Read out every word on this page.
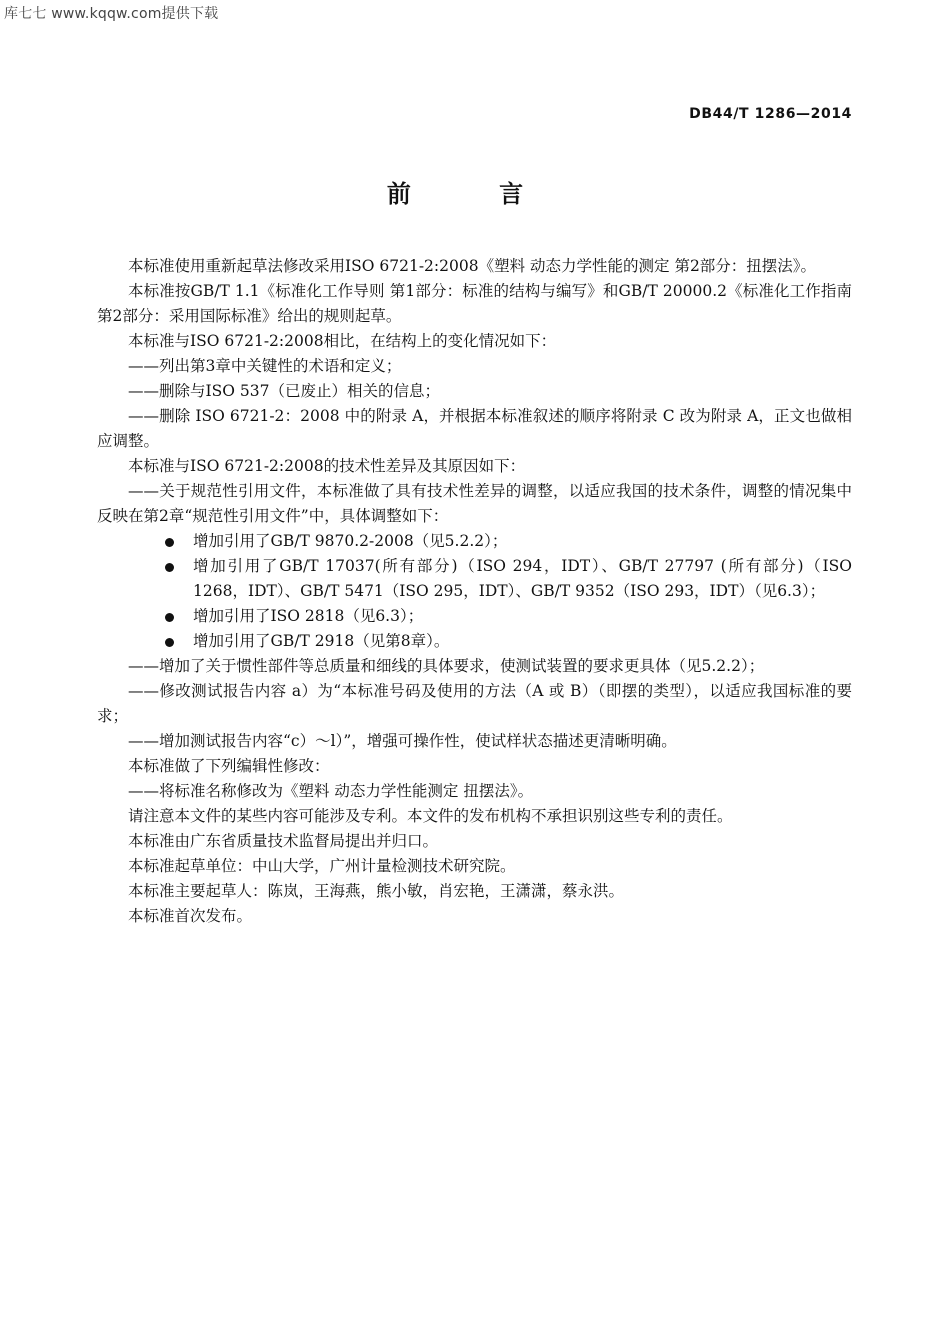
库七七 www.kqqw.com提供下载
DB44/T 1286—2014
前 言

本标准使用重新起草法修改采用ISO 6721-2:2008《塑料 动态力学性能的测定 第2部分：扭摆法》。

本标准按GB/T 1.1《标准化工作导则 第1部分：标准的结构与编写》和GB/T 20000.2《标准化工作指南 第2部分：采用国际标准》给出的规则起草。

本标准与ISO 6721-2:2008相比，在结构上的变化情况如下：

——列出第3章中关键性的术语和定义；

——删除与ISO 537（已废止）相关的信息；

——删除 ISO 6721-2：2008 中的附录 A，并根据本标准叙述的顺序将附录 C 改为附录 A，正文也做相应调整。

本标准与ISO 6721-2:2008的技术性差异及其原因如下：

——关于规范性引用文件，本标准做了具有技术性差异的调整，以适应我国的技术条件，调整的情况集中反映在第2章“规范性引用文件”中，具体调整如下：

增加引用了GB/T 9870.2-2008（见5.2.2）；
增加引用了GB/T 17037(所有部分)（ISO 294，IDT）、GB/T 27797 (所有部分)（ISO 1268，IDT）、GB/T 5471（ISO 295，IDT）、GB/T 9352（ISO 293，IDT）（见6.3）；
增加引用了ISO 2818（见6.3）；
增加引用了GB/T 2918（见第8章）。

——增加了关于惯性部件等总质量和细线的具体要求，使测试装置的要求更具体（见5.2.2）；

——修改测试报告内容 a）为“本标准号码及使用的方法（A 或 B）（即摆的类型），以适应我国标准的要求；

——增加测试报告内容“c）～l）”，增强可操作性，使试样状态描述更清晰明确。

本标准做了下列编辑性修改：

——将标准名称修改为《塑料 动态力学性能测定 扭摆法》。

请注意本文件的某些内容可能涉及专利。本文件的发布机构不承担识别这些专利的责任。

本标准由广东省质量技术监督局提出并归口。

本标准起草单位：中山大学，广州计量检测技术研究院。

本标准主要起草人：陈岚，王海燕，熊小敏，肖宏艳，王潇潇，蔡永洪。

本标准首次发布。
